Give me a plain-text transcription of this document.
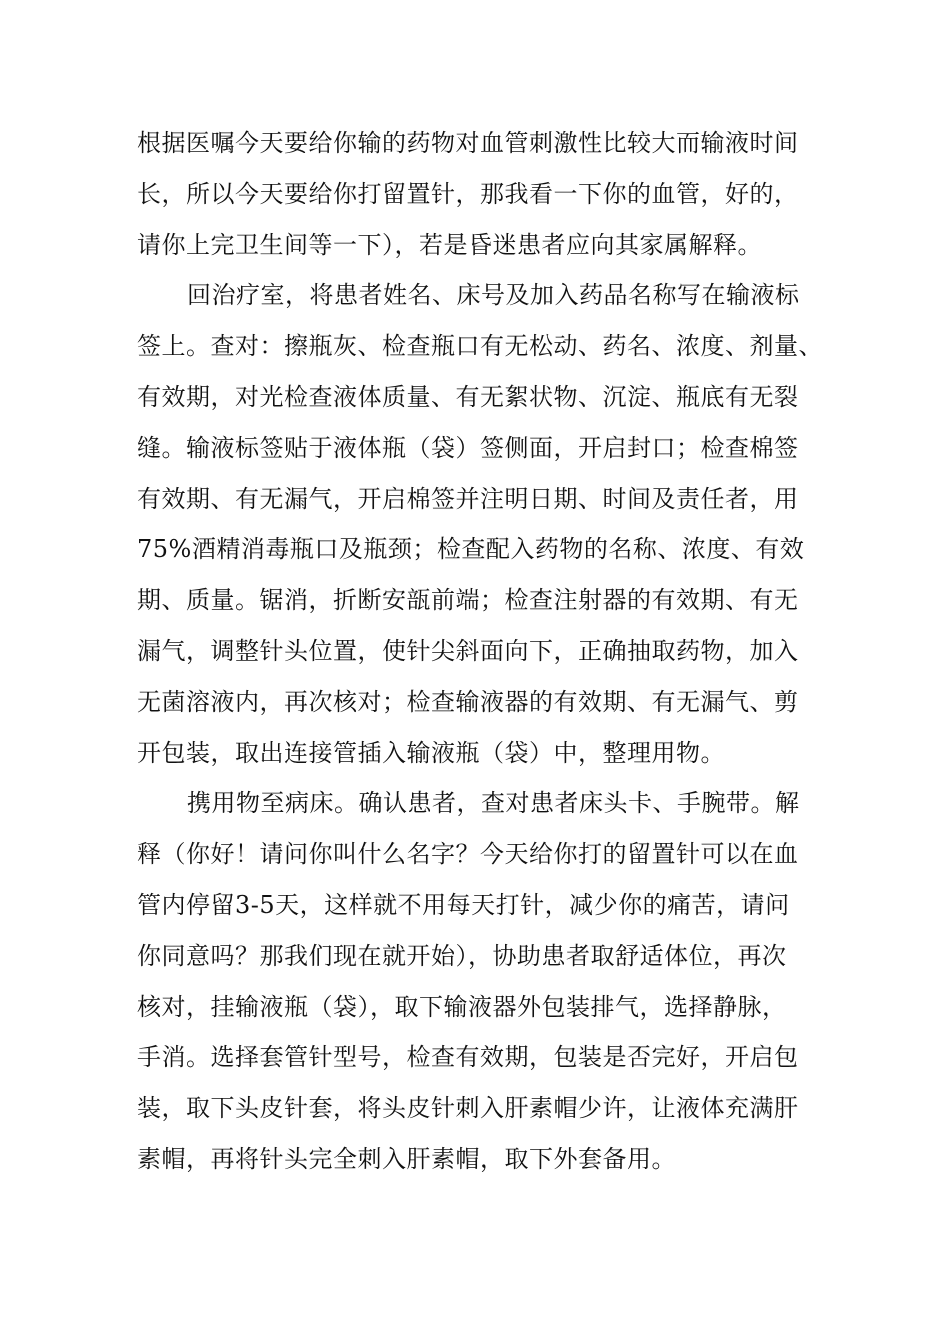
根据医嘱今天要给你输的药物对血管刺激性比较大而输液时间
长，所以今天要给你打留置针，那我看一下你的血管，好的，
请你上完卫生间等一下），若是昏迷患者应向其家属解释。
回治疗室，将患者姓名、床号及加入药品名称写在输液标
签上。查对：擦瓶灰、检查瓶口有无松动、药名、浓度、剂量、
有效期，对光检查液体质量、有无絮状物、沉淀、瓶底有无裂
缝。输液标签贴于液体瓶（袋）签侧面，开启封口；检查棉签
有效期、有无漏气，开启棉签并注明日期、时间及责任者，用
75%酒精消毒瓶口及瓶颈；检查配入药物的名称、浓度、有效
期、质量。锯消，折断安瓿前端；检查注射器的有效期、有无
漏气，调整针头位置，使针尖斜面向下，正确抽取药物，加入
无菌溶液内，再次核对；检查输液器的有效期、有无漏气、剪
开包装，取出连接管插入输液瓶（袋）中，整理用物。
携用物至病床。确认患者，查对患者床头卡、手腕带。解
释（你好！请问你叫什么名字？今天给你打的留置针可以在血
管内停留3-5天，这样就不用每天打针，减少你的痛苦，请问
你同意吗？那我们现在就开始），协助患者取舒适体位，再次
核对，挂输液瓶（袋），取下输液器外包装排气，选择静脉，
手消。选择套管针型号，检查有效期，包装是否完好，开启包
装，取下头皮针套，将头皮针刺入肝素帽少许，让液体充满肝
素帽，再将针头完全刺入肝素帽，取下外套备用。
